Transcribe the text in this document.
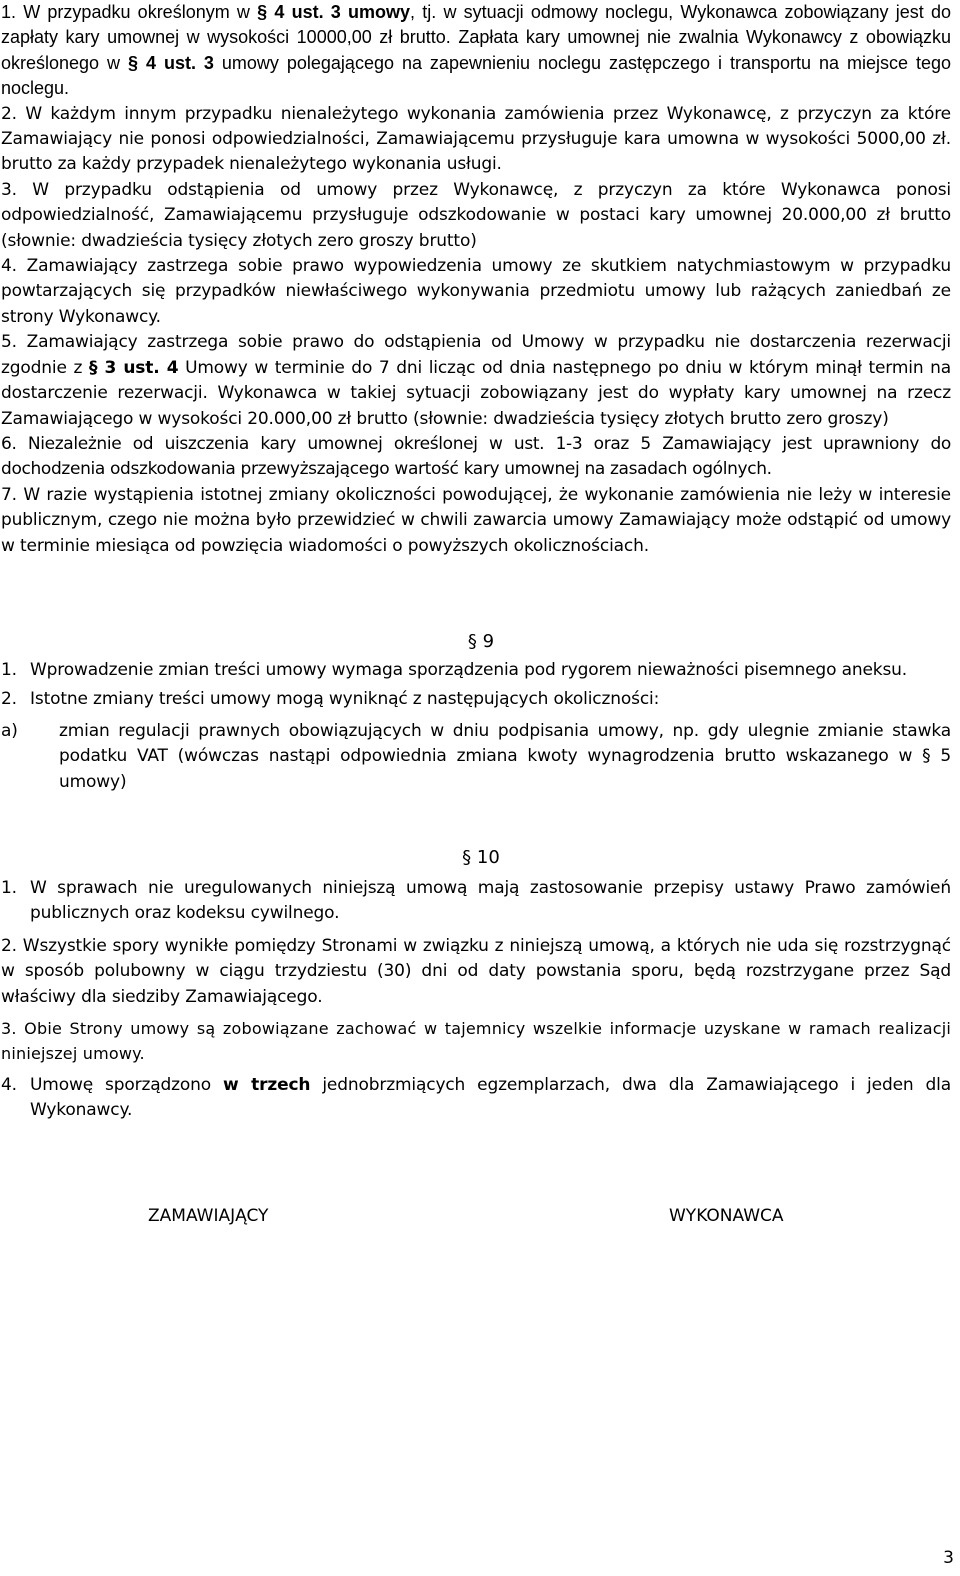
1. W przypadku określonym w § 4 ust. 3 umowy, tj. w sytuacji odmowy noclegu, Wykonawca zobowiązany jest do zapłaty kary umownej w wysokości 10000,00 zł brutto. Zapłata kary umownej nie zwalnia Wykonawcy z obowiązku określonego w § 4 ust. 3 umowy polegającego na zapewnieniu noclegu zastępczego i transportu na miejsce tego noclegu.

2. W każdym innym przypadku nienależytego wykonania zamówienia przez Wykonawcę, z przyczyn za które Zamawiający nie ponosi odpowiedzialności, Zamawiającemu przysługuje kara umowna w wysokości 5000,00 zł. brutto za każdy przypadek nienależytego wykonania usługi.

3. W przypadku odstąpienia od umowy przez Wykonawcę, z przyczyn za które Wykonawca ponosi odpowiedzialność, Zamawiającemu przysługuje odszkodowanie w postaci kary umownej 20.000,00 zł brutto (słownie: dwadzieścia tysięcy złotych zero groszy brutto)

4. Zamawiający zastrzega sobie prawo wypowiedzenia umowy ze skutkiem natychmiastowym w przypadku powtarzających się przypadków niewłaściwego wykonywania przedmiotu umowy lub rażących zaniedbań ze strony Wykonawcy.

5. Zamawiający zastrzega sobie prawo do odstąpienia od Umowy w przypadku nie dostarczenia rezerwacji zgodnie z § 3 ust. 4 Umowy w terminie do 7 dni licząc od dnia następnego po dniu w którym minął termin na dostarczenie rezerwacji. Wykonawca w takiej sytuacji zobowiązany jest do wypłaty kary umownej na rzecz Zamawiającego w wysokości 20.000,00 zł brutto (słownie: dwadzieścia tysięcy złotych brutto zero groszy)

6. Niezależnie od uiszczenia kary umownej określonej w ust. 1-3 oraz 5 Zamawiający jest uprawniony do dochodzenia odszkodowania przewyższającego wartość kary umownej na zasadach ogólnych.

7. W razie wystąpienia istotnej zmiany okoliczności powodującej, że wykonanie zamówienia nie leży w interesie publicznym, czego nie można było przewidzieć w chwili zawarcia umowy Zamawiający może odstąpić od umowy w terminie miesiąca od powzięcia wiadomości o powyższych okolicznościach.

§ 9

1. Wprowadzenie zmian treści umowy wymaga sporządzenia pod rygorem nieważności pisemnego aneksu.

2. Istotne zmiany treści umowy mogą wyniknąć z następujących okoliczności:

a)	zmian regulacji prawnych obowiązujących w dniu podpisania umowy, np. gdy ulegnie zmianie stawka podatku VAT (wówczas nastąpi odpowiednia zmiana kwoty wynagrodzenia brutto wskazanego w § 5 umowy)

§ 10

1. W sprawach nie uregulowanych niniejszą umową mają zastosowanie przepisy ustawy Prawo zamówień publicznych oraz kodeksu cywilnego.

2. Wszystkie spory wynikłe pomiędzy Stronami w związku z niniejszą umową, a których nie uda się rozstrzygnąć w sposób polubowny w ciągu trzydziestu (30) dni od daty powstania sporu, będą rozstrzygane przez Sąd właściwy dla siedziby Zamawiającego.

3. Obie Strony umowy są zobowiązane zachować w tajemnicy wszelkie informacje uzyskane w ramach realizacji niniejszej umowy.

4. Umowę sporządzono w trzech jednobrzmiących egzemplarzach, dwa dla Zamawiającego i jeden dla Wykonawcy.

ZAMAWIAJĄCY	WYKONAWCA
3
